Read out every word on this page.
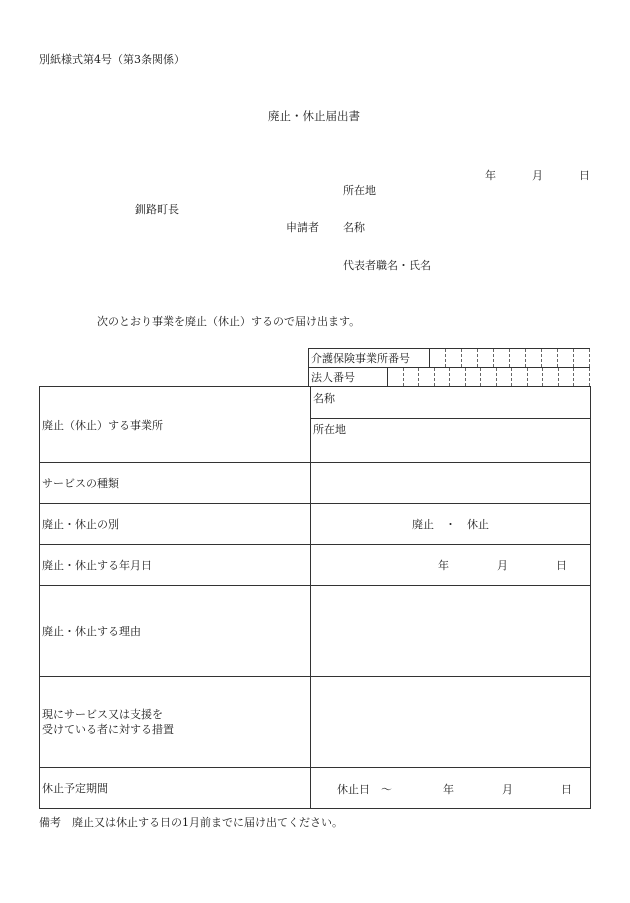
別紙様式第4号（第3条関係）
廃止・休止届出書
年	月	日
所在地
釧路町長
申請者 名称
代表者職名・氏名
次のとおり事業を廃止（休止）するので届け出ます。
介護保険事業所番号										
法人番号													
廃止（休止）する事業所	名称
所在地

サービスの種類	
廃止・休止の別	廃止　・　休止
廃止・休止する年月日	年 月 日

廃止・休止する理由	

現にサービス又は支援を
受けている者に対する措置	

休止予定期間	休止日　～ 年 月 日
備考　廃止又は休止する日の1月前までに届け出てください。
